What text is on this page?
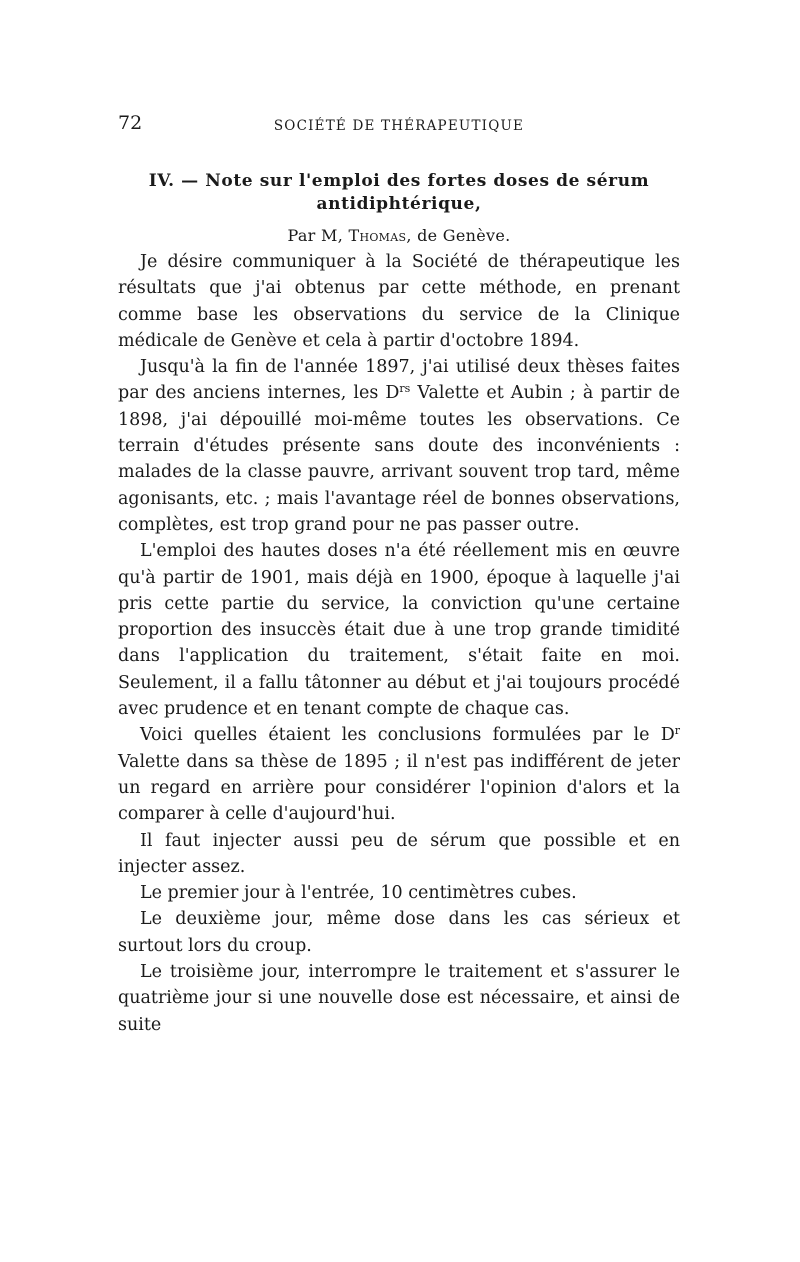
72	SOCIÉTÉ DE THÉRAPEUTIQUE
IV. — Note sur l'emploi des fortes doses de sérum
antidiphtérique,
Par M, Thomas, de Genève.

Je désire communiquer à la Société de thérapeutique les résultats que j'ai obtenus par cette méthode, en prenant comme base les observations du service de la Clinique médicale de Genève et cela à partir d'octobre 1894.

Jusqu'à la fin de l'année 1897, j'ai utilisé deux thèses faites par des anciens internes, les $D^{rs}$ Valette et Aubin ; à partir de 1898, j'ai dépouillé moi-même toutes les observations. Ce terrain d'études présente sans doute des inconvénients : malades de la classe pauvre, arrivant souvent trop tard, même agonisants, etc. ; mais l'avantage réel de bonnes observations, complètes, est trop grand pour ne pas passer outre.

L'emploi des hautes doses n'a été réellement mis en œuvre qu'à partir de 1901, mais déjà en 1900, époque à laquelle j'ai pris cette partie du service, la conviction qu'une certaine proportion des insuccès était due à une trop grande timidité dans l'application du traitement, s'était faite en moi. Seulement, il a fallu tâtonner au début et j'ai toujours procédé avec prudence et en tenant compte de chaque cas.

Voici quelles étaient les conclusions formulées par le $D^r$ Valette dans sa thèse de 1895 ; il n'est pas indifférent de jeter un regard en arrière pour considérer l'opinion d'alors et la comparer à celle d'aujourd'hui.

Il faut injecter aussi peu de sérum que possible et en injecter assez.

Le premier jour à l'entrée, 10 centimètres cubes.

Le deuxième jour, même dose dans les cas sérieux et surtout lors du croup.

Le troisième jour, interrompre le traitement et s'assurer le quatrième jour si une nouvelle dose est nécessaire, et ainsi de suite
